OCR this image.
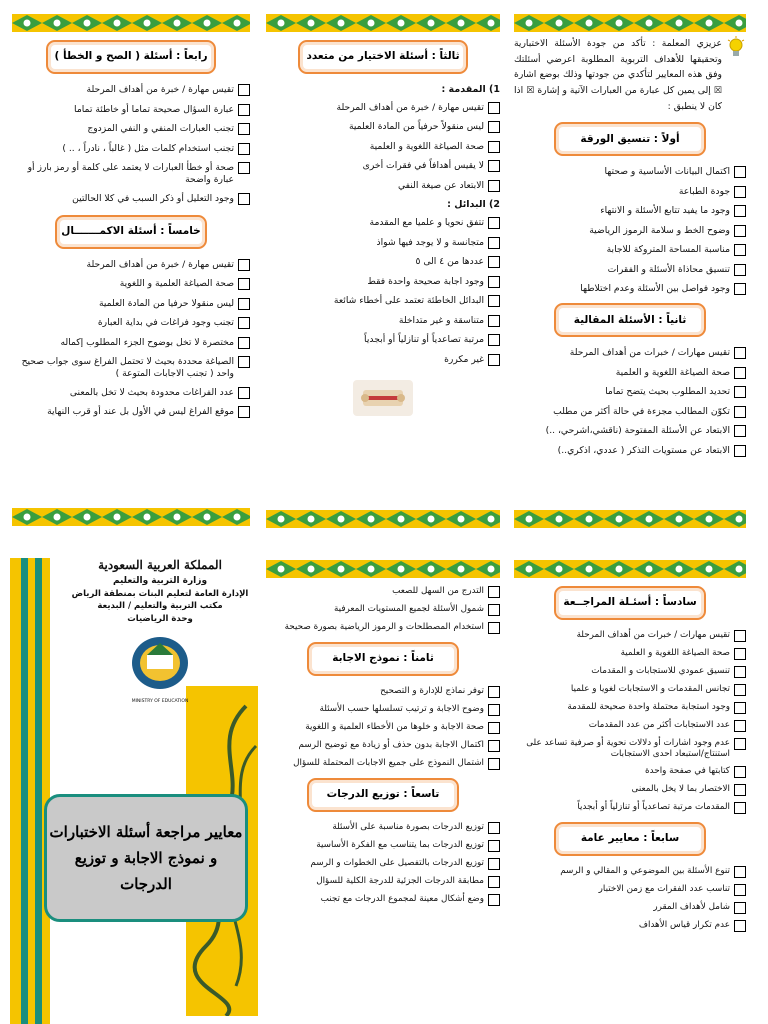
عزيزي المعلمة : تأكد من جودة الأسئلة الاختبارية وتحقيقها للأهداف التربوية المطلوبة اعرضي أسئلتك وفق هذه المعايير لتأكدي من جودتها وذلك بوضع اشارة ☒ إلى يمين كل عبارة من العبارات الآتية و إشارة ☒ اذا كان لا ينطبق :

أولاً : تنسيق الورقة
اكتمال البيانات الأساسية و صحتها
جودة الطباعة
وجود ما يفيد تتابع الأسئلة و الانتهاء
وضوح الخط و سلامة الرموز الرياضية
مناسبة المساحة المتروكة للاجابة
تنسيق محاذاة الأسئلة و الفقرات
وجود فواصل بين الأسئلة وعدم اختلاطها
ثانياً : الأسئلة المقالية
تقيس مهارات / خبرات من أهداف المرحلة
صحة الصياغة اللغوية و العلمية
تحديد المطلوب بحيث يتضح تماما
تكوّن المطالب مجزءة في حالة أكثر من مطلب
الابتعاد عن الأسئلة المفتوحة (ناقشي،اشرحي، ..)
الابتعاد عن مستويات التذكر ( عددي، اذكري..)
ثالثاً : أسئلة الاختيار من متعدد
1) المقدمة :
تقيس مهارة / خبرة من أهداف المرحلة
ليس منقولاً حرفياً من المادة العلمية
صحة الصياغة اللغوية و العلمية
لا يقيس أهدافاً في فقرات أخرى
الابتعاد عن صيغة النفي
2) البدائل :
تتفق نحويا و علميا مع المقدمة
متجانسة و لا يوجد فيها شواذ
عددها من ٤ الى ٥
وجود اجابة صحيحة واحدة فقط
البدائل الخاطئة تعتمد على أخطاء شائعة
متناسقة و غير متداخلة
مرتبة تصاعدياً أو تنازلياً أو أبجدياً
غير مكررة
رابعاً : أسئلة ( الصح و الخطأ )
تقيس مهارة / خبرة من أهداف المرحلة
عبارة السؤال صحيحة تماما أو خاطئة تماما
تجنب العبارات المنفي و النفي المزدوج
تجنب استخدام كلمات مثل ( غالباً ، نادراً ، .. )
صحة أو خطأ العبارات لا يعتمد على كلمة أو رمز بارز أو عبارة واضحة
وجود التعليل أو ذكر السبب في كلا الحالتين
خامساً : أسئلة الاكمـــــــال
تقيس مهارة / خبرة من أهداف المرحلة
صحة الصياغة العلمية و اللغوية
ليس منقولا حرفيا من المادة العلمية
تجنب وجود فراغات في بداية العبارة
مختصرة لا تخل بوضوح الجزء المطلوب إكماله
الصياغة محددة بحيث لا تحتمل الفراغ سوى جواب صحيح واحد ( تجنب الاجابات المتوعة )
عدد الفراغات محدودة بحيث لا تخل بالمعنى
موقع الفراغ ليس في الأول بل عند أو قرب النهاية
سادساً : أسئـلة المراجــعة
تقيس مهارات / خبرات من أهداف المرحلة
صحة الصياغة اللغوية و العلمية
تنسيق عمودي للاستجابات و المقدمات
تجانس المقدمات و الاستجابات لغويا و علميا
وجود استجابة محتملة واحدة صحيحة للمقدمة
عدد الاستجابات أكثر من عدد المقدمات
عدم وجود اشارات أو دلالات نحوية أو صرفية تساعد على استنتاج/استبعاد احدى الاستجابات
كتابتها في صفحة واحدة
الاختصار بما لا يخل بالمعنى
المقدمات مرتبة تصاعدياً أو تنازلياً أو أبجدياً
سابعاً : معايير عامة
تنوع الأسئلة بين الموضوعي و المقالي و الرسم
تناسب عدد الفقرات مع زمن الاختبار
شامل لأهداف المقرر
عدم تكرار قياس الأهداف
التدرج من السهل للصعب
شمول الأسئلة لجميع المستويات المعرفية
استخدام المصطلحات و الرموز الرياضية بصورة صحيحة
ثامناً : نموذج الاجابة
توفر نماذج للإدارة و التصحيح
وضوح الاجابة و ترتيب تسلسلها حسب الأسئلة
صحة الاجابة و خلوها من الأخطاء العلمية و اللغوية
اكتمال الاجابة بدون حذف أو زيادة مع توضيح الرسم
اشتمال النموذج على جميع الاجابات المحتملة للسؤال
تاسعاً : توزيع الدرجات
توزيع الدرجات بصورة مناسبة على الأسئلة
توزيع الدرجات بما يتناسب مع الفكرة الأساسية
توزيع الدرجات بالتفصيل على الخطوات و الرسم
مطابقة الدرجات الجزئية للدرجة الكلية للسؤال
وضع أشكال معينة لمجموع الدرجات مع تجنب
المملكة العربية السعودية
وزارة التربية والتعليم
الإدارة العامة لتعليم البنات بمنطقة الرياض
مكتب التربية والتعليم / البديعة
وحدة الرياضيات
MINISTRY OF EDUCATION
معايير مراجعة أسئلة الاختبارات و نموذج الاجابة و توزيع الدرجات
